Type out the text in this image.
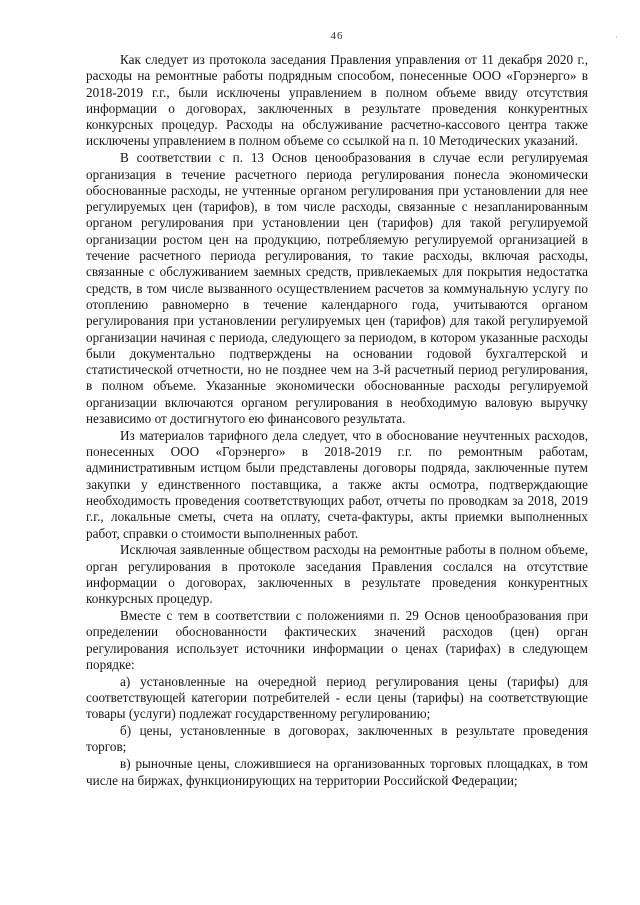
46	·

Как следует из протокола заседания Правления управления от 11 декабря 2020 г., расходы на ремонтные работы подрядным способом, понесенные ООО «Горэнерго» в 2018-2019 г.г., были исключены управлением в полном объеме ввиду отсутствия информации о договорах, заключенных в результате проведения конкурентных конкурсных процедур. Расходы на обслуживание расчетно-кассового центра также исключены управлением в полном объеме со ссылкой на п. 10 Методических указаний.

В соответствии с п. 13 Основ ценообразования в случае если регулируемая организация в течение расчетного периода регулирования понесла экономически обоснованные расходы, не учтенные органом регулирования при установлении для нее регулируемых цен (тарифов), в том числе расходы, связанные с незапланированным органом регулирования при установлении цен (тарифов) для такой регулируемой организации ростом цен на продукцию, потребляемую регулируемой организацией в течение расчетного периода регулирования, то такие расходы, включая расходы, связанные с обслуживанием заемных средств, привлекаемых для покрытия недостатка средств, в том числе вызванного осуществлением расчетов за коммунальную услугу по отоплению равномерно в течение календарного года, учитываются органом регулирования при установлении регулируемых цен (тарифов) для такой регулируемой организации начиная с периода, следующего за периодом, в котором указанные расходы были документально подтверждены на основании годовой бухгалтерской и статистической отчетности, но не позднее чем на 3-й расчетный период регулирования, в полном объеме. Указанные экономически обоснованные расходы регулируемой организации включаются органом регулирования в необходимую валовую выручку независимо от достигнутого ею финансового результата.

Из материалов тарифного дела следует, что в обоснование неучтенных расходов, понесенных ООО «Горэнерго» в 2018-2019 г.г. по ремонтным работам, административным истцом были представлены договоры подряда, заключенные путем закупки у единственного поставщика, а также акты осмотра, подтверждающие необходимость проведения соответствующих работ, отчеты по проводкам за 2018, 2019 г.г., локальные сметы, счета на оплату, счета-фактуры, акты приемки выполненных работ, справки о стоимости выполненных работ.

Исключая заявленные обществом расходы на ремонтные работы в полном объеме, орган регулирования в протоколе заседания Правления сослался на отсутствие информации о договорах, заключенных в результате проведения конкурентных конкурсных процедур.

Вместе с тем в соответствии с положениями п. 29 Основ ценообразования при определении обоснованности фактических значений расходов (цен) орган регулирования использует источники информации о ценах (тарифах) в следующем порядке:

а) установленные на очередной период регулирования цены (тарифы) для соответствующей категории потребителей - если цены (тарифы) на соответствующие товары (услуги) подлежат государственному регулированию;

б) цены, установленные в договорах, заключенных в результате проведения торгов;

в) рыночные цены, сложившиеся на организованных торговых площадках, в том числе на биржах, функционирующих на территории Российской Федерации;
